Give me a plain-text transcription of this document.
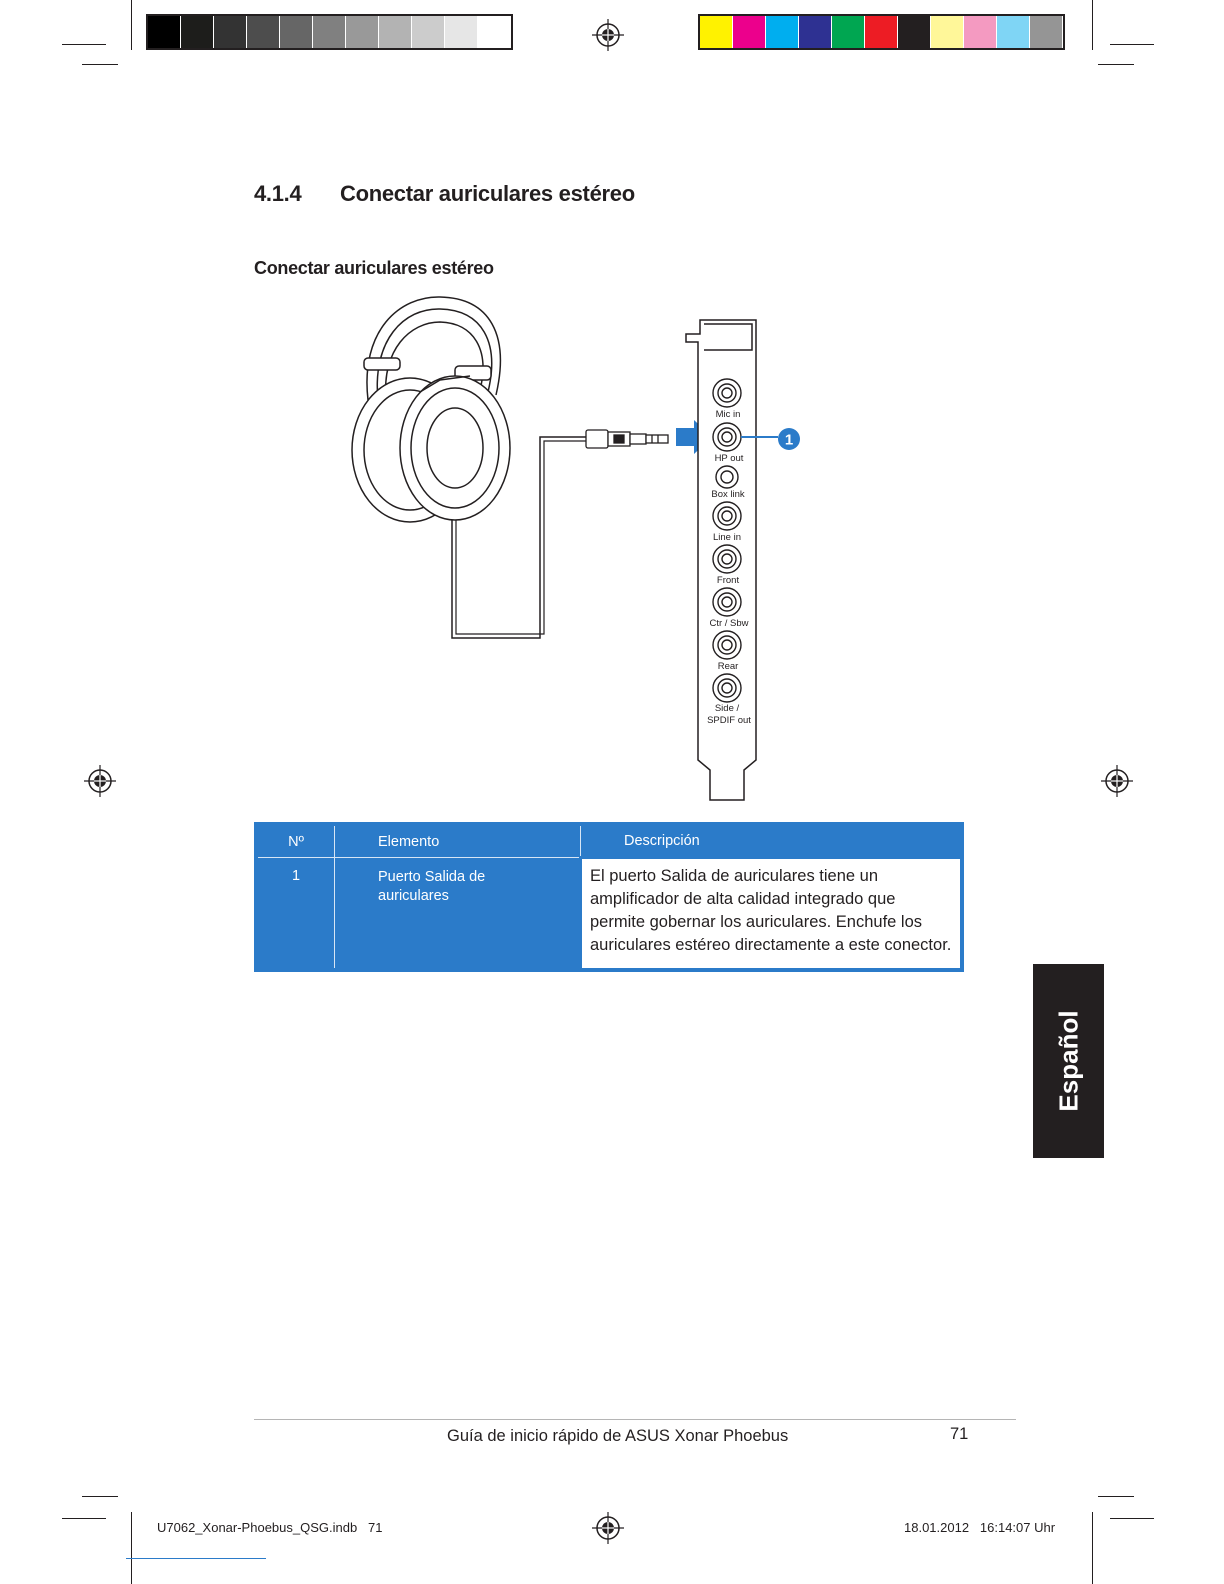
4.1.4 Conectar auriculares estéreo
Conectar auriculares estéreo
1
Mic in
HP out
Box link
Line in
Front
Ctr / Sbw
Rear
Side /
SPDIF out
Nº	Elemento	Descripción
1	Puerto Salida de auriculares	El puerto Salida de auriculares tiene un amplificador de alta calidad integrado que permite gobernar los auriculares. Enchufe los auriculares estéreo directamente a este conector.
Español
Guía de inicio rápido de ASUS Xonar Phoebus	71
U7062_Xonar-Phoebus_QSG.indb   71	18.01.2012   16:14:07 Uhr
